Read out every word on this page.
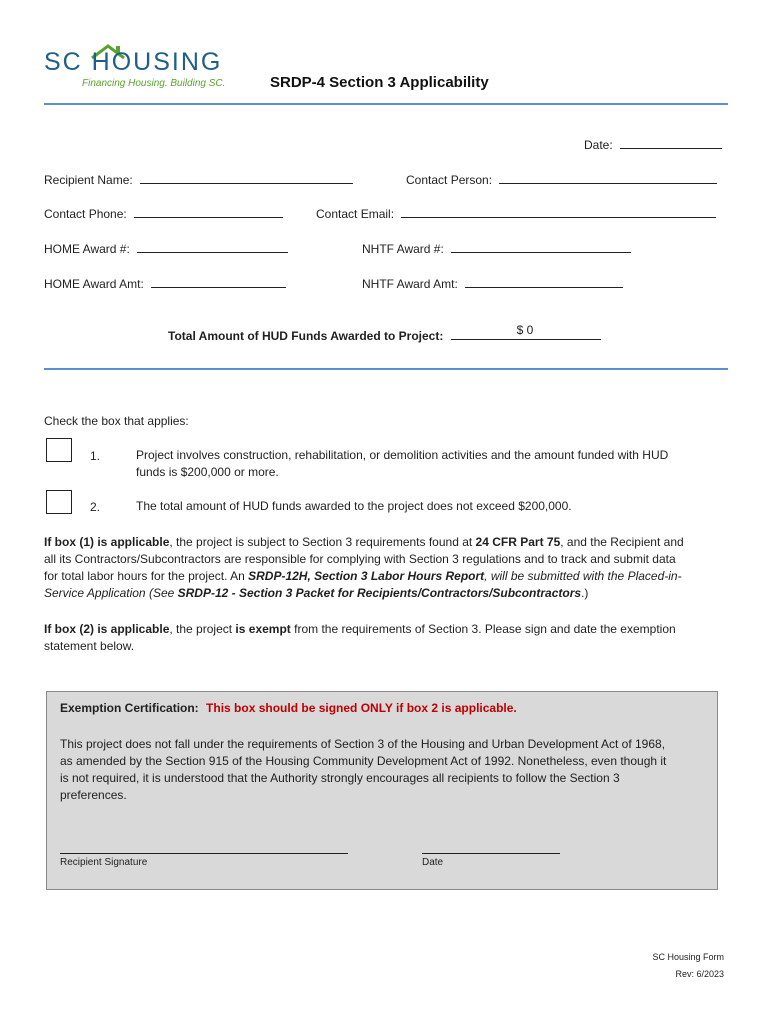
SC HOUSING
Financing Housing. Building SC.	SRDP-4 Section 3 Applicability
Date:
Recipient Name:	Contact Person:
Contact Phone:	Contact Email:
HOME Award #:	NHTF Award #:
HOME Award Amt:	NHTF Award Amt:
Total Amount of HUD Funds Awarded to Project:	$ 0
Check the box that applies:
1.	Project involves construction, rehabilitation, or demolition activities and the amount funded with HUD
funds is $200,000 or more.
2.	The total amount of HUD funds awarded to the project does not exceed $200,000.
If box (1) is applicable, the project is subject to Section 3 requirements found at 24 CFR Part 75, and the Recipient and
all its Contractors/Subcontractors are responsible for complying with Section 3 regulations and to track and submit data
for total labor hours for the project. An SRDP-12H, Section 3 Labor Hours Report, will be submitted with the Placed-in-
Service Application (See SRDP-12 - Section 3 Packet for Recipients/Contractors/Subcontractors.)
If box (2) is applicable, the project is exempt from the requirements of Section 3. Please sign and date the exemption
statement below.
Exemption Certification: This box should be signed ONLY if box 2 is applicable.
This project does not fall under the requirements of Section 3 of the Housing and Urban Development Act of 1968,
as amended by the Section 915 of the Housing Community Development Act of 1992. Nonetheless, even though it
is not required, it is understood that the Authority strongly encourages all recipients to follow the Section 3
preferences.
Recipient Signature	Date
SC Housing Form
Rev: 6/2023
